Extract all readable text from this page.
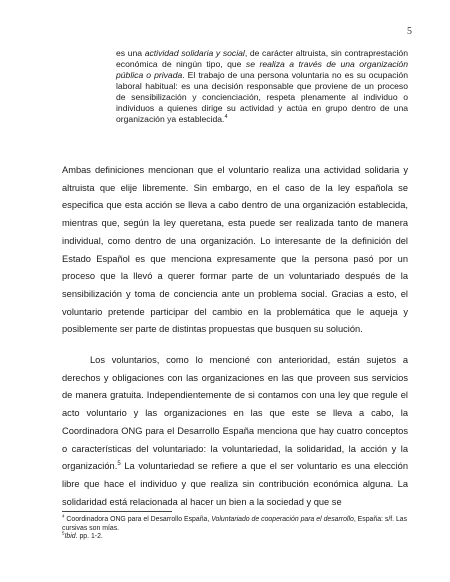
5

es una actividad solidaria y social, de carácter altruista, sin contraprestación económica de ningún tipo, que se realiza a través de una organización pública o privada. El trabajo de una persona voluntaria no es su ocupación laboral habitual: es una decisión responsable que proviene de un proceso de sensibilización y concienciación, respeta plenamente al individuo o individuos a quienes dirige su actividad y actúa en grupo dentro de una organización ya establecida.$^4$

Ambas definiciones mencionan que el voluntario realiza una actividad solidaria y altruista que elije libremente. Sin embargo, en el caso de la ley española se especifica que esta acción se lleva a cabo dentro de una organización establecida, mientras que, según la ley queretana, esta puede ser realizada tanto de manera individual, como dentro de una organización. Lo interesante de la definición del Estado Español es que menciona expresamente que la persona pasó por un proceso que la llevó a querer formar parte de un voluntariado después de la sensibilización y toma de conciencia ante un problema social. Gracias a esto, el voluntario pretende participar del cambio en la problemática que le aqueja y posiblemente ser parte de distintas propuestas que busquen su solución.

Los voluntarios, como lo mencioné con anterioridad, están sujetos a derechos y obligaciones con las organizaciones en las que proveen sus servicios de manera gratuita. Independientemente de si contamos con una ley que regule el acto voluntario y las organizaciones en las que este se lleva a cabo, la Coordinadora ONG para el Desarrollo España menciona que hay cuatro conceptos o características del voluntariado: la voluntariedad, la solidaridad, la acción y la organización.$^5$ La voluntariedad se refiere a que el ser voluntario es una elección libre que hace el individuo y que realiza sin contribución económica alguna. La solidaridad está relacionada al hacer un bien a la sociedad y que se

$^4$ Coordinadora ONG para el Desarrollo España, Voluntariado de cooperación para el desarrollo, España: s/f. Las cursivas son mías.

$^5$Ibid. pp. 1-2.
